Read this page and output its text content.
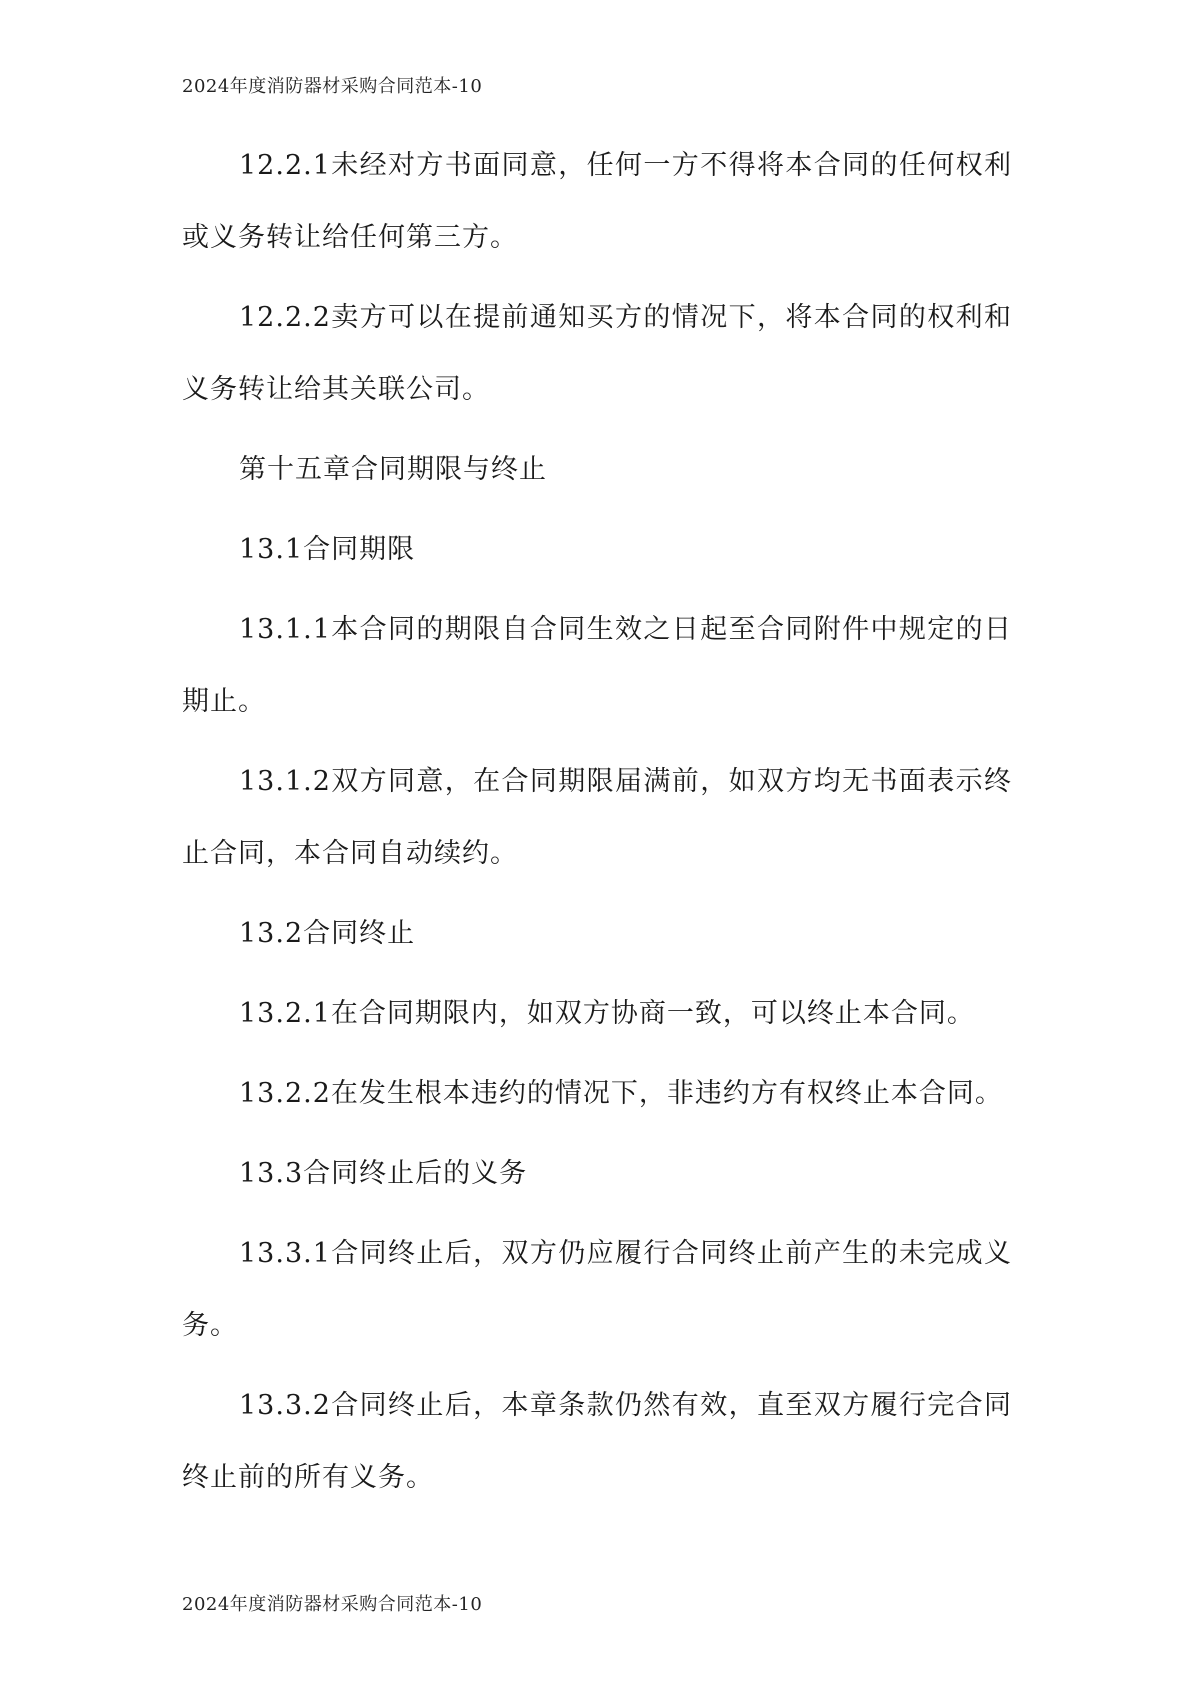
2024年度消防器材采购合同范本-10

12.2.1未经对方书面同意，任何一方不得将本合同的任何权利或义务转让给任何第三方。

12.2.2卖方可以在提前通知买方的情况下，将本合同的权利和义务转让给其关联公司。

第十五章合同期限与终止

13.1合同期限

13.1.1本合同的期限自合同生效之日起至合同附件中规定的日期止。

13.1.2双方同意，在合同期限届满前，如双方均无书面表示终止合同，本合同自动续约。

13.2合同终止

13.2.1在合同期限内，如双方协商一致，可以终止本合同。

13.2.2在发生根本违约的情况下，非违约方有权终止本合同。

13.3合同终止后的义务

13.3.1合同终止后，双方仍应履行合同终止前产生的未完成义务。

13.3.2合同终止后，本章条款仍然有效，直至双方履行完合同终止前的所有义务。

2024年度消防器材采购合同范本-10
